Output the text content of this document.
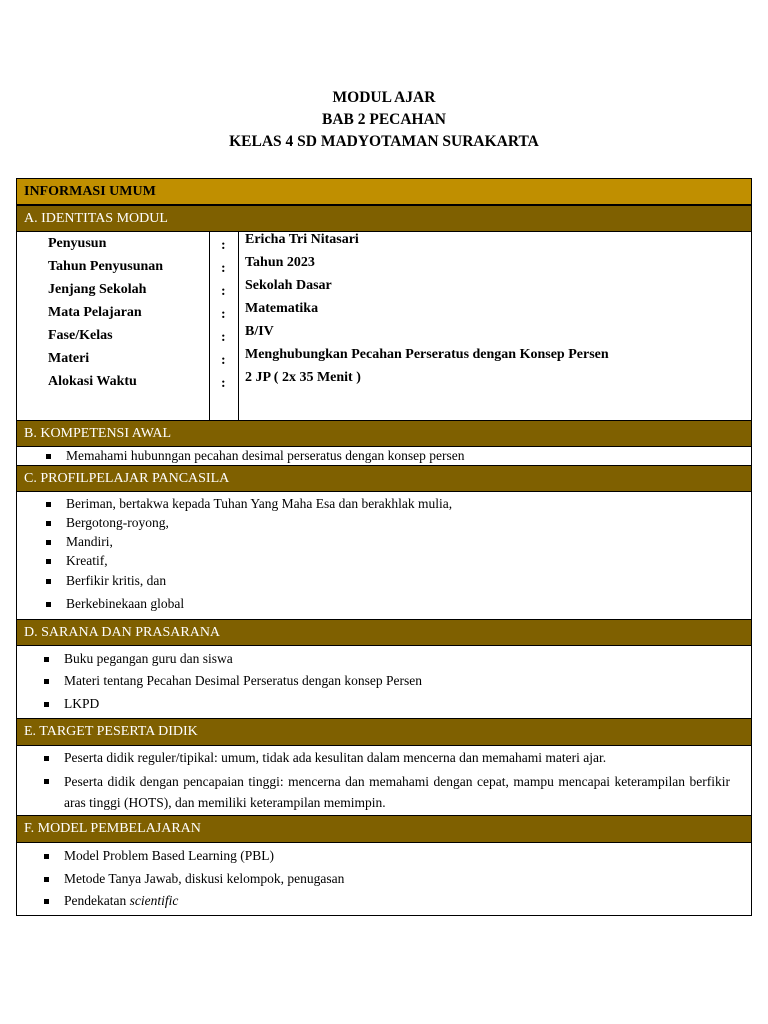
MODUL AJAR
BAB 2 PECAHAN
KELAS 4 SD MADYOTAMAN SURAKARTA
INFORMASI UMUM
A. IDENTITAS MODUL
Penyusun
Tahun Penyusunan
Jenjang Sekolah
Mata Pelajaran
Fase/Kelas
Materi
Alokasi Waktu
:
:
:
:
:
:
:
Ericha Tri Nitasari
Tahun 2023
Sekolah Dasar
Matematika
B/IV
Menghubungkan Pecahan Perseratus dengan Konsep Persen
2 JP ( 2x 35 Menit )
B. KOMPETENSI AWAL
Memahami hubunngan pecahan desimal perseratus dengan konsep persen
C. PROFILPELAJAR PANCASILA
Beriman, bertakwa kepada Tuhan Yang Maha Esa dan berakhlak mulia,
Bergotong-royong,
Mandiri,
Kreatif,
Berfikir kritis, dan
Berkebinekaan global
D. SARANA DAN PRASARANA
Buku pegangan guru dan siswa
Materi tentang Pecahan Desimal Perseratus dengan konsep Persen
LKPD
E. TARGET PESERTA DIDIK
Peserta didik reguler/tipikal: umum, tidak ada kesulitan dalam mencerna dan memahami materi ajar.
Peserta didik dengan pencapaian tinggi: mencerna dan memahami dengan cepat, mampu mencapai keterampilan berfikir aras tinggi (HOTS), dan memiliki keterampilan memimpin.
F. MODEL PEMBELAJARAN
Model Problem Based Learning (PBL)
Metode Tanya Jawab, diskusi kelompok, penugasan
Pendekatan scientific
